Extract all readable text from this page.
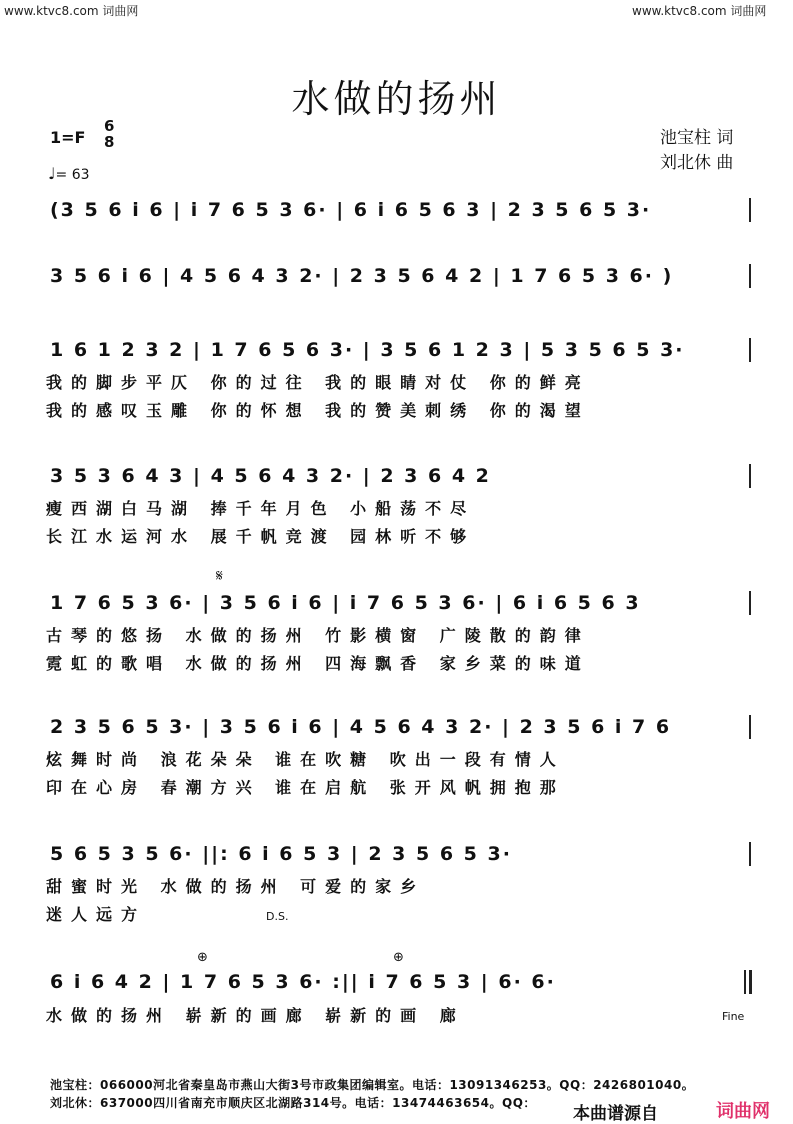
www.ktvc8.com 词曲网	www.ktvc8.com 词曲网
水做的扬州
1=F
6
8
♩= 63
池宝柱 词
刘北休 曲
(3 5 6 i 6 | i 7 6 5 3 6· | 6 i 6 5 6 3 | 2 3 5 6 5 3·
3 5 6 i 6 | 4 5 6 4 3 2· | 2 3 5 6 4 2 | 1 7 6 5 3 6· )
1 6 1 2 3 2 | 1 7 6 5 6 3· | 3 5 6 1 2 3 | 5 3 5 6 5 3·
我的脚步平仄 你的过往 我的眼睛对仗 你的鲜亮
我的感叹玉雕 你的怀想 我的赞美刺绣 你的渴望
3 5 3 6 4 3 | 4 5 6 4 3 2· | 2 3 6 4 2
瘦西湖白马湖 捧千年月色 小船荡不尽
长江水运河水 展千帆竞渡 园林听不够
𝄋
1 7 6 5 3 6· | 3 5 6 i 6 | i 7 6 5 3 6· | 6 i 6 5 6 3
古琴的悠扬 水做的扬州 竹影横窗 广陵散的韵律
霓虹的歌唱 水做的扬州 四海飘香 家乡菜的味道
2 3 5 6 5 3· | 3 5 6 i 6 | 4 5 6 4 3 2· | 2 3 5 6 i 7 6
炫舞时尚 浪花朵朵 谁在吹糖 吹出一段有情人
印在心房 春潮方兴 谁在启航 张开风帆拥抱那
5 6 5 3 5 6· ||: 6 i 6 5 3 | 2 3 5 6 5 3·
甜蜜时光 水做的扬州 可爱的家乡
迷人远方	D.S.
⊕	⊕
6 i 6 4 2 | 1 7 6 5 3 6· :|| i 7 6 5 3 | 6· 6·
水做的扬州 崭新的画廊 崭新的画 廊	Fine
池宝柱：066000河北省秦皇岛市燕山大街3号市政集团编辑室。电话：13091346253。QQ：2426801040。
刘北休：637000四川省南充市顺庆区北湖路314号。电话：13474463654。QQ：
本曲谱源自	词曲网
